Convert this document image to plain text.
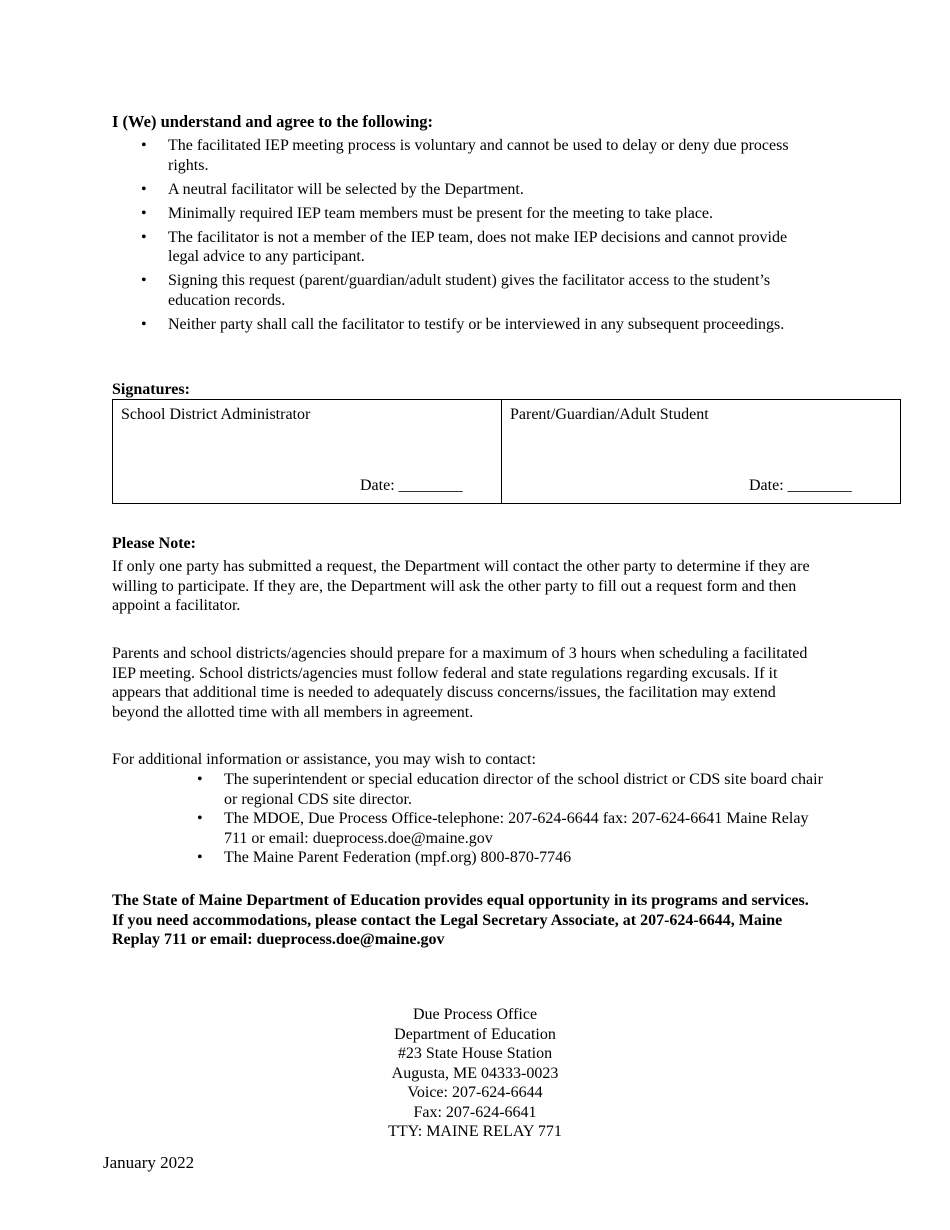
I (We) understand and agree to the following:
• The facilitated IEP meeting process is voluntary and cannot be used to delay or deny due process rights.
• A neutral facilitator will be selected by the Department.
• Minimally required IEP team members must be present for the meeting to take place.
• The facilitator is not a member of the IEP team, does not make IEP decisions and cannot provide legal advice to any participant.
• Signing this request (parent/guardian/adult student) gives the facilitator access to the student’s education records.
• Neither party shall call the facilitator to testify or be interviewed in any subsequent proceedings.
Signatures:
School District Administrator
Date: ________
Parent/Guardian/Adult Student
Date: ________
Please Note:

If only one party has submitted a request, the Department will contact the other party to determine if they are willing to participate. If they are, the Department will ask the other party to fill out a request form and then appoint a facilitator.

Parents and school districts/agencies should prepare for a maximum of 3 hours when scheduling a facilitated IEP meeting. School districts/agencies must follow federal and state regulations regarding excusals. If it appears that additional time is needed to adequately discuss concerns/issues, the facilitation may extend beyond the allotted time with all members in agreement.

For additional information or assistance, you may wish to contact:

• The superintendent or special education director of the school district or CDS site board chair or regional CDS site director.
• The MDOE, Due Process Office-telephone: 207-624-6644 fax: 207-624-6641 Maine Relay 711 or email: dueprocess.doe@maine.gov
• The Maine Parent Federation (mpf.org) 800-870-7746

The State of Maine Department of Education provides equal opportunity in its programs and services. If you need accommodations, please contact the Legal Secretary Associate, at 207-624-6644, Maine Replay 711 or email: dueprocess.doe@maine.gov

Due Process Office
Department of Education
#23 State House Station
Augusta, ME 04333-0023
Voice: 207-624-6644
Fax: 207-624-6641
TTY: MAINE RELAY 771
January 2022
